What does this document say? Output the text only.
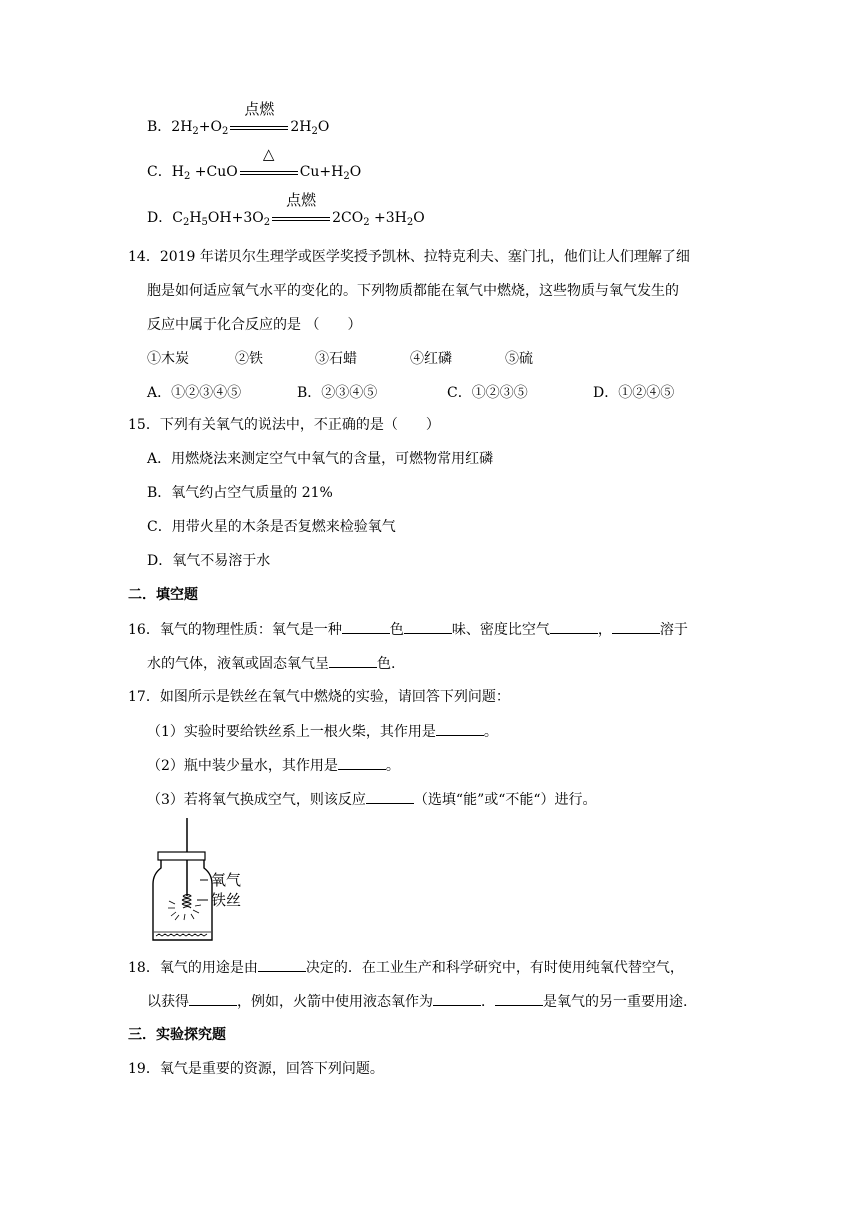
B．$2H_2+O_2$
点燃
$2H_2O$
C．$H_2 +CuO$
△
$Cu+H_2O$
D．$C_2H_5OH+3O_2$
点燃
$2CO_2 +3H_2O$
14．2019 年诺贝尔生理学或医学奖授予凯林、拉特克利夫、塞门扎，他们让人们理解了细
胞是如何适应氧气水平的变化的。下列物质都能在氧气中燃烧，这些物质与氧气发生的
反应中属于化合反应的是 （　　）
①木炭	②铁	③石蜡	④红磷	⑤硫
A．①②③④⑤	B．②③④⑤	C．①②③⑤	D．①②④⑤
15．下列有关氧气的说法中，不正确的是（　　）
A．用燃烧法来测定空气中氧气的含量，可燃物常用红磷
B．氧气约占空气质量的 21%
C．用带火星的木条是否复燃来检验氧气
D．氧气不易溶于水
二．填空题
16．氧气的物理性质：氧气是一种	色	味、密度比空气	，	溶于
水的气体，液氧或固态氧气呈	色.
17．如图所示是铁丝在氧气中燃烧的实验，请回答下列问题：
（1）实验时要给铁丝系上一根火柴，其作用是	。
（2）瓶中装少量水，其作用是	。
（3）若将氧气换成空气，则该反应	（选填“能”或“不能“）进行。
氧气
铁丝
18．氧气的用途是由	决定的．在工业生产和科学研究中，有时使用纯氧代替空气，
以获得	，例如，火箭中使用液态氧作为	．	是氧气的另一重要用途.
三．实验探究题
19．氧气是重要的资源，回答下列问题。
